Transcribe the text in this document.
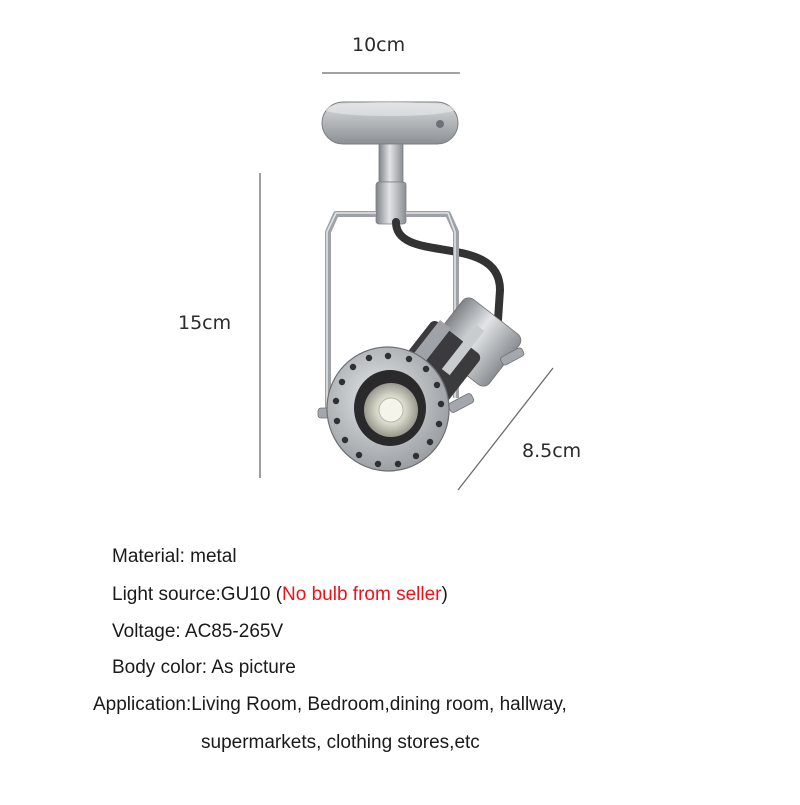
10cm
15cm
8.5cm
Material: metal
Light source:GU10 (No bulb from seller)
Voltage: AC85-265V
Body color: As picture
Application:Living Room, Bedroom,dining room, hallway,
supermarkets, clothing stores,etc
